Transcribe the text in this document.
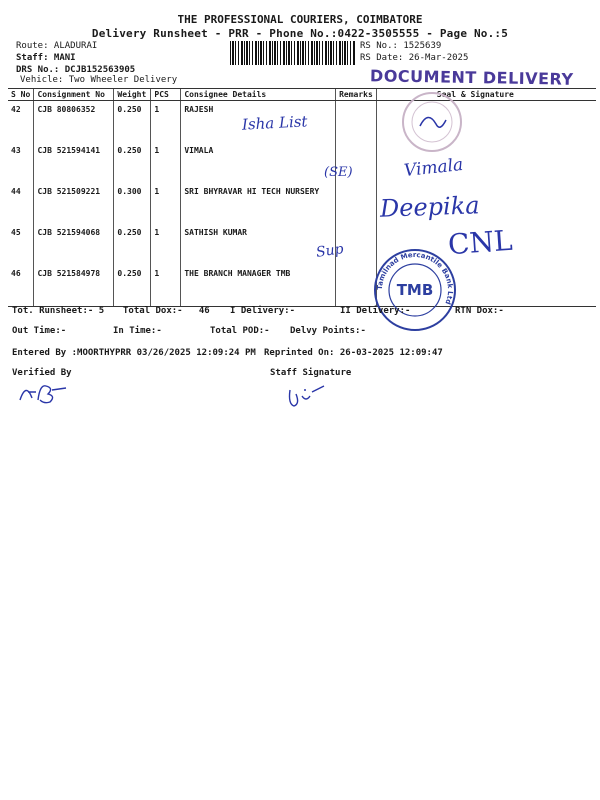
THE PROFESSIONAL COURIERS, COIMBATORE
Delivery Runsheet - PRR - Phone No.:0422-3505555 - Page No.:5
Route: ALADURAI
Staff: MANI
DRS No.: DCJB152563905
Vehicle: Two Wheeler Delivery
RS No.: 1525639
RS Date: 26-Mar-2025
DOCUMENT DELIVERY
S No	Consignment No	Weight	PCS	Consignee Details	Remarks	Seal & Signature
42	CJB 80806352	0.250	1	RAJESH		
43	CJB 521594141	0.250	1	VIMALA		
44	CJB 521509221	0.300	1	SRI BHYRAVAR HI TECH NURSERY		
45	CJB 521594068	0.250	1	SATHISH KUMAR		
46	CJB 521584978	0.250	1	THE BRANCH MANAGER TMB		
Isha List
(SE)	Vimala
Deepika
Sup	CNL
Tamilnad Mercantile Bank Ltd
TMB
Tot. Runsheet:- 5 Total Dox:-   46 I Delivery:-	II Delivery:-	RTN Dox:-
Out Time:-	In Time:-	Total POD:- Delvy Points:-
Entered By :MOORTHYPRR 03/26/2025 12:09:24 PM Reprinted On: 26-03-2025 12:09:47
Verified By	Staff Signature
